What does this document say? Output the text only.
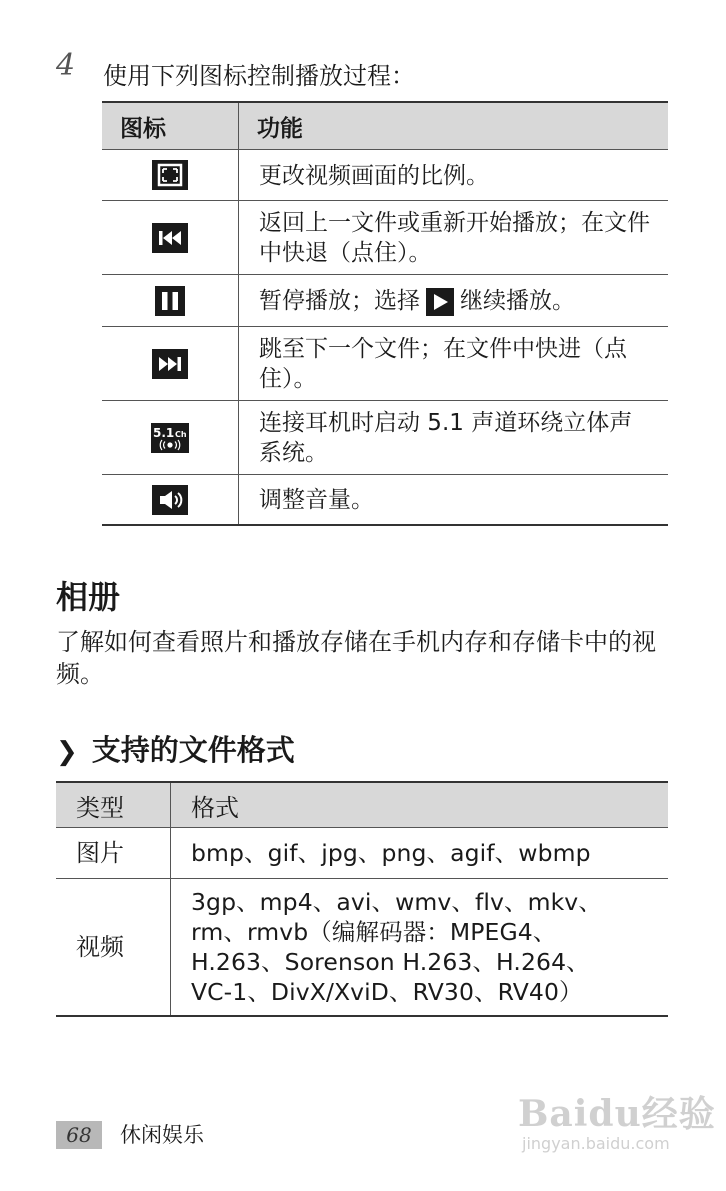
4 使用下列图标控制播放过程：
图标	功能

	更改视频画面的比例。

	返回上一文件或重新开始播放；在文件中快退（点住）。

	暂停播放；选择 继续播放。

	跳至下一个文件；在文件中快进（点住）。

5.1 Ch	连接耳机时启动 5.1 声道环绕立体声系统。

	调整音量。
相册
了解如何查看照片和播放存储在手机内存和存储卡中的视频。
❯ 支持的文件格式
类型	格式
图片	bmp、gif、jpg、png、agif、wbmp

视频	3gp、mp4、avi、wmv、flv、mkv、
rm、rmvb（编解码器：MPEG4、
H.263、Sorenson H.263、H.264、
VC-1、DivX/XviD、RV30、RV40）
68	休闲娱乐	Baidu经验
jingyan.baidu.com
